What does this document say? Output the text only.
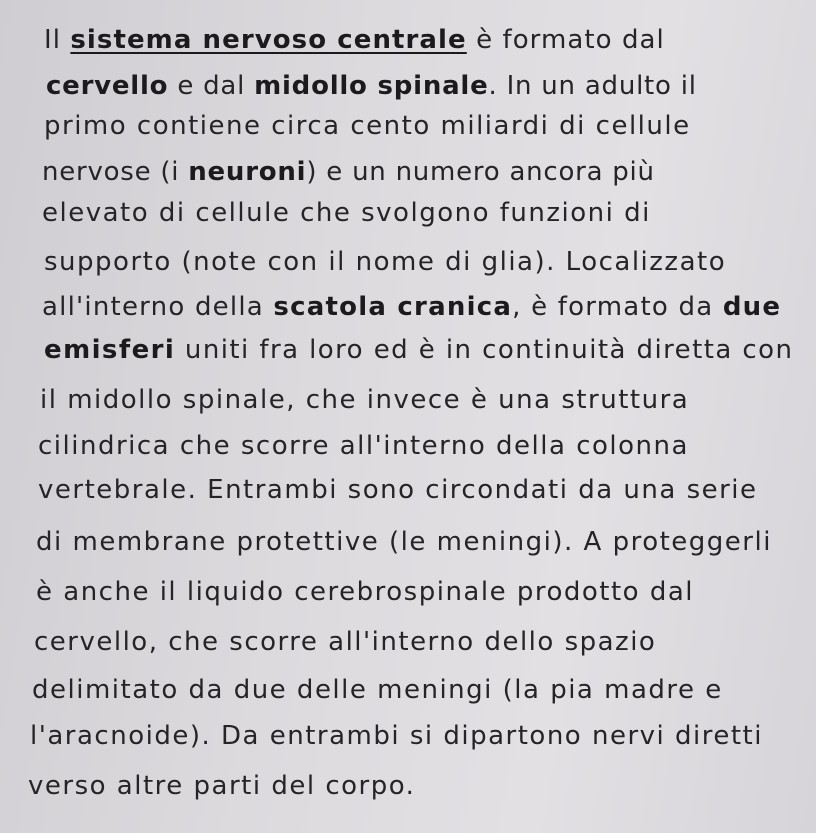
Il sistema nervoso centrale è formato dal
cervello e dal midollo spinale. In un adulto il
primo contiene circa cento miliardi di cellule
nervose (i neuroni) e un numero ancora più
elevato di cellule che svolgono funzioni di
supporto (note con il nome di glia). Localizzato
all'interno della scatola cranica, è formato da due
emisferi uniti fra loro ed è in continuità diretta con
il midollo spinale, che invece è una struttura
cilindrica che scorre all'interno della colonna
vertebrale. Entrambi sono circondati da una serie
di membrane protettive (le meningi). A proteggerli
è anche il liquido cerebrospinale prodotto dal
cervello, che scorre all'interno dello spazio
delimitato da due delle meningi (la pia madre e
l'aracnoide). Da entrambi si dipartono nervi diretti
verso altre parti del corpo.
